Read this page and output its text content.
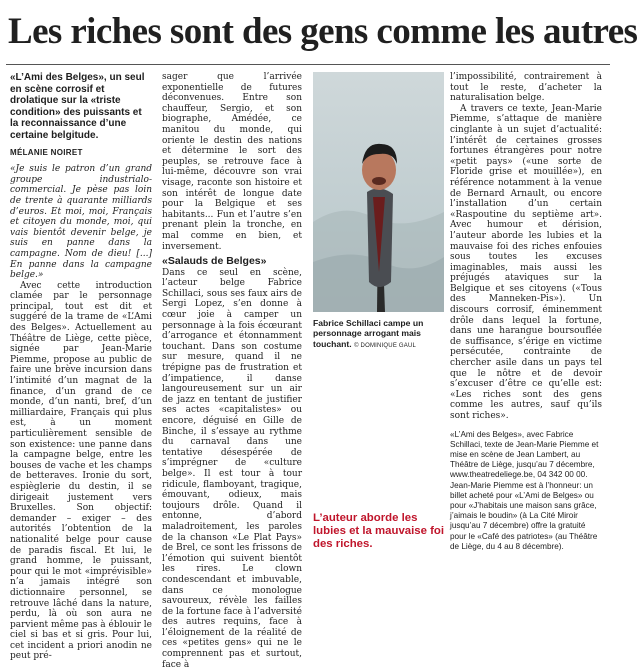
Les riches sont des gens comme les autres

«L’Ami des Belges», un seul en scène corrosif et drolatique sur la «triste condition» des puissants et la reconnaissance d’une certaine belgitude.

MÉLANIE NOIRET

«Je suis le patron d’un grand groupe industrialo-commercial. Je pèse pas loin de trente à quarante milliards d’euros. Et moi, moi, Français et citoyen du monde, moi, qui vais bientôt devenir belge, je suis en panne dans la campagne. Nom de dieu! [...] En panne dans la campagne belge.»

Avec cette introduction clamée par le personnage principal, tout est dit et suggéré de la trame de «L’Ami des Belges». Actuellement au Théâtre de Liège, cette pièce, signée par Jean-Marie Piemme, propose au public de faire une brève incursion dans l’intimité d’un magnat de la finance, d’un grand de ce monde, d’un nanti, bref, d’un milliardaire, Français qui plus est, à un moment particulièrement sensible de son existence: une panne dans la campagne belge, entre les bouses de vache et les champs de betteraves. Ironie du sort, espièglerie du destin, il se dirigeait justement vers Bruxelles. Son objectif: demander – exiger – des autorités l’obtention de la nationalité belge pour cause de paradis fiscal. Et lui, le grand homme, le puissant, pour qui le mot «imprévisible» n’a jamais intégré son dictionnaire personnel, se retrouve lâché dans la nature, perdu, là où son aura ne parvient même pas à éblouir le ciel si bas et si gris. Pour lui, cet incident a priori anodin ne peut pré-

sager que l’arrivée exponentielle de futures déconvenues. Entre son chauffeur, Sergio, et son biographe, Amédée, ce manitou du monde, qui oriente le destin des nations et détermine le sort des peuples, se retrouve face à lui-même, découvre son vrai visage, raconte son histoire et son intérêt de longue date pour la Belgique et ses habitants... Fun et l’autre s’en prenant plein la tronche, en mal comme en bien, et inversement.

«Salauds de Belges»

Dans ce seul en scène, l’acteur belge Fabrice Schillaci, sous ses faux airs de Sergi Lopez, s’en donne à cœur joie à camper un personnage à la fois écœurant d’arrogance et étonnamment touchant. Dans son costume sur mesure, quand il ne trépigne pas de frustration et d’impatience, il danse langoureusement sur un air de jazz en tentant de justifier ses actes «capitalistes» ou encore, déguisé en Gille de Binche, il s’essaye au rythme du carnaval dans une tentative désespérée de s’imprégner de «culture belge». Il est tour à tour ridicule, flamboyant, tragique, émouvant, odieux, mais toujours drôle. Quand il entonne, d’abord maladroitement, les paroles de la chanson «Le Plat Pays» de Brel, ce sont les frissons de l’émotion qui suivent bientôt les rires. Le clown condescendant et imbuvable, dans ce monologue savoureux, révèle les failles de la fortune face à l’adversité des autres requins, face à l’éloignement de la réalité de ces «petites gens» qui ne le comprennent pas et surtout, face à

Fabrice Schillaci campe un personnage arrogant mais touchant. © DOMINIQUE GAUL
L’auteur aborde les lubies et la mauvaise foi des riches.

l’impossibilité, contrairement à tout le reste, d’acheter la naturalisation belge.

A travers ce texte, Jean-Marie Piemme, s’attaque de manière cinglante à un sujet d’actualité: l’intérêt de certaines grosses fortunes étrangères pour notre «petit pays» («une sorte de Floride grise et mouillée»), en référence notamment à la venue de Bernard Arnault, ou encore l’installation d’un certain «Raspoutine du septième art». Avec humour et dérision, l’auteur aborde les lubies et la mauvaise foi des riches enfouies sous toutes les excuses imaginables, mais aussi les préjugés ataviques sur la Belgique et ses citoyens («Tous des Manneken-Pis»). Un discours corrosif, éminemment drôle dans lequel la fortune, dans une harangue boursouflée de suffisance, s’érige en victime persécutée, contrainte de chercher asile dans un pays tel que le nôtre et de devoir s’excuser d’être ce qu’elle est: «Les riches sont des gens comme les autres, sauf qu’ils sont riches».

«L’Ami des Belges», avec Fabrice Schillaci, texte de Jean-Marie Piemme et mise en scène de Jean Lambert, au Théâtre de Liège, jusqu’au 7 décembre, www.theatredeliege.be, 04 342 00 00. Jean-Marie Piemme est à l’honneur: un billet acheté pour «L’Ami de Belges» ou pour «J’habitais une maison sans grâce, j’aimais le boudin» (à La Cité Miroir jusqu’au 7 décembre) offre la gratuité pour le «Café des patriotes» (au Théâtre de Liège, du 4 au 8 décembre).
